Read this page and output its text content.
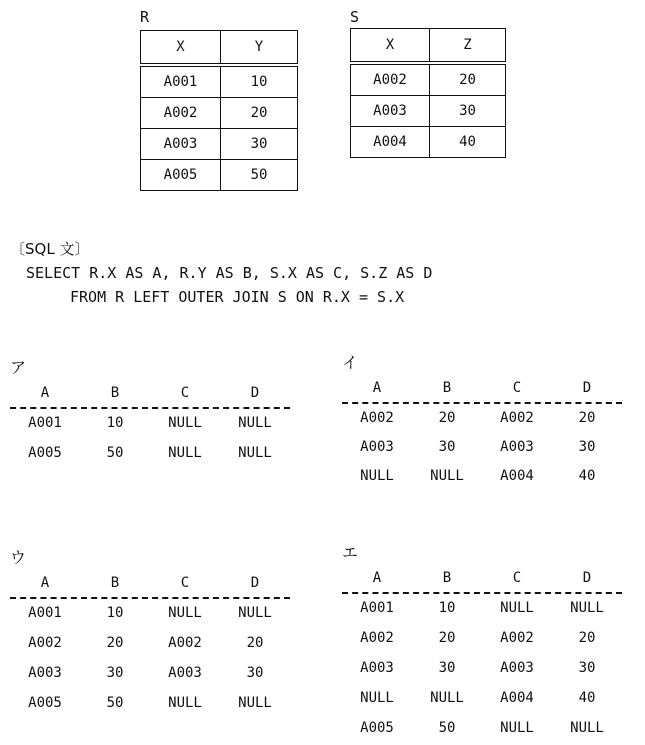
R
X	Y
A001	10
A002	20
A003	30
A005	50
S
X	Z
A002	20
A003	30
A004	40
〔SQL 文〕
SELECT R.X AS A, R.Y AS B, S.X AS C, S.Z AS D
FROM R LEFT OUTER JOIN S ON R.X = S.X
ア
A	B	C	D
A001	10	NULL	NULL
A005	50	NULL	NULL
イ
A	B	C	D
A002	20	A002	20
A003	30	A003	30
NULL	NULL	A004	40
ウ
A	B	C	D
A001	10	NULL	NULL
A002	20	A002	20
A003	30	A003	30
A005	50	NULL	NULL
エ
A	B	C	D
A001	10	NULL	NULL
A002	20	A002	20
A003	30	A003	30
NULL	NULL	A004	40
A005	50	NULL	NULL
